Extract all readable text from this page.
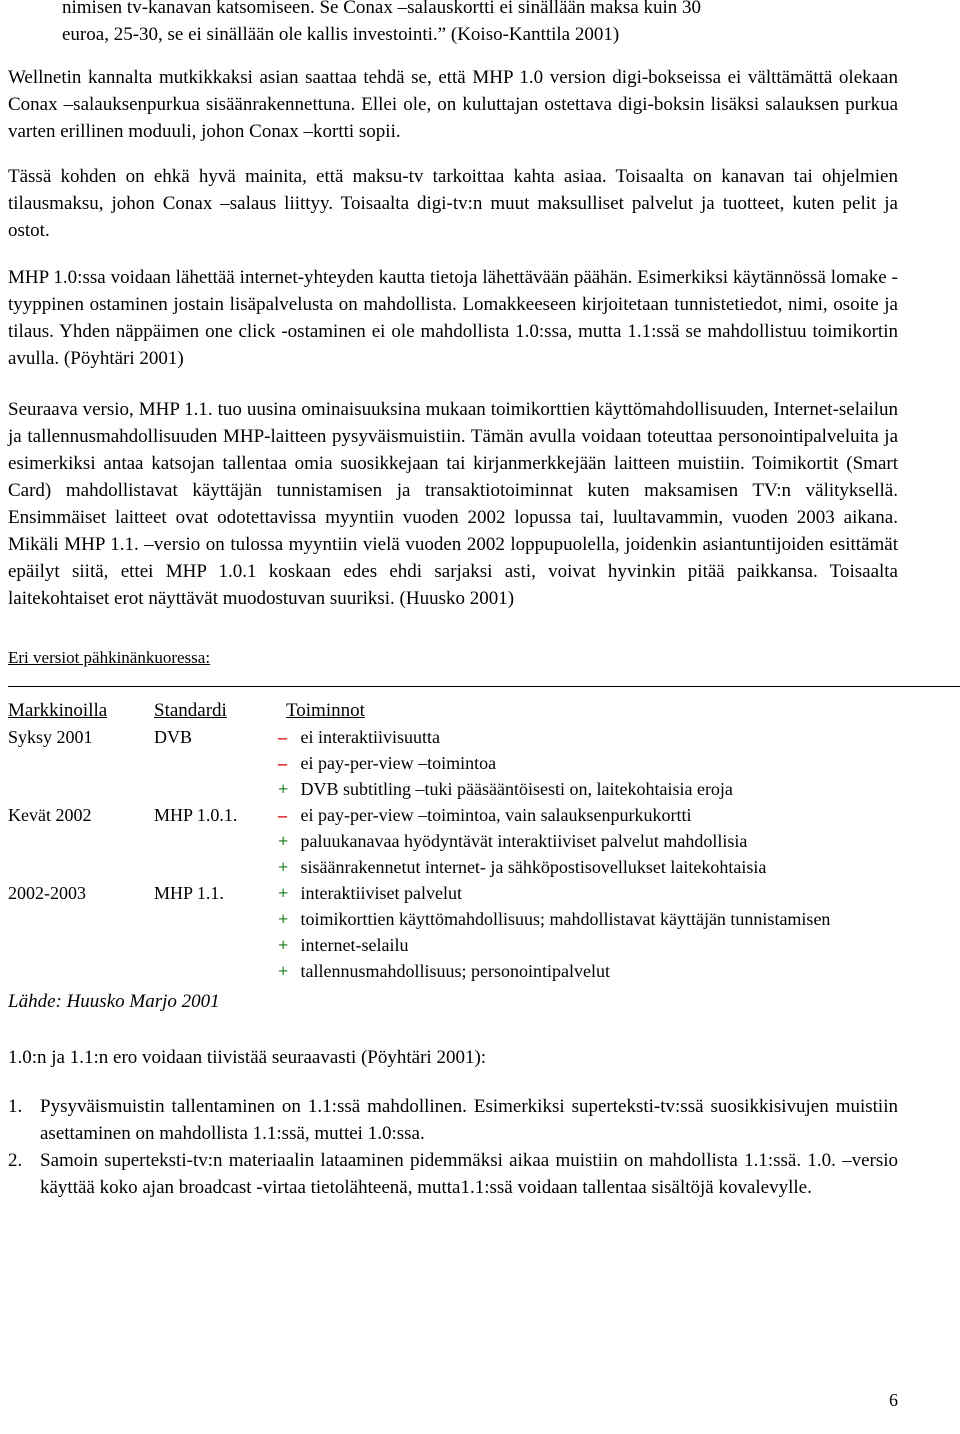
nimisen tv-kanavan katsomiseen. Se Conax –salauskortti ei sinällään maksa kuin 30

euroa, 25-30, se ei sinällään ole kallis investointi.” (Koiso-Kanttila 2001)

Wellnetin kannalta mutkikkaksi asian saattaa tehdä se, että MHP 1.0 version digi-bokseissa ei välttämättä olekaan Conax –salauksenpurkua sisäänrakennettuna. Ellei ole, on kuluttajan ostettava digi-boksin lisäksi salauksen purkua varten erillinen moduuli, johon Conax –kortti sopii.

Tässä kohden on ehkä hyvä mainita, että maksu-tv tarkoittaa kahta asiaa. Toisaalta on kanavan tai ohjelmien tilausmaksu, johon Conax –salaus liittyy. Toisaalta digi-tv:n muut maksulliset palvelut ja tuotteet, kuten pelit ja ostot.

MHP 1.0:ssa voidaan lähettää internet-yhteyden kautta tietoja lähettävään päähän. Esimerkiksi käytännössä lomake -tyyppinen ostaminen jostain lisäpalvelusta on mahdollista. Lomakkeeseen kirjoitetaan tunnistetiedot, nimi, osoite ja tilaus. Yhden näppäimen one click -ostaminen ei ole mahdollista 1.0:ssa, mutta 1.1:ssä se mahdollistuu toimikortin avulla. (Pöyhtäri 2001)

Seuraava versio, MHP 1.1. tuo uusina ominaisuuksina mukaan toimikorttien käyttömahdollisuuden, Internet-selailun ja tallennusmahdollisuuden MHP-laitteen pysyväismuistiin. Tämän avulla voidaan toteuttaa personointipalveluita ja esimerkiksi antaa katsojan tallentaa omia suosikkejaan tai kirjanmerkkejään laitteen muistiin. Toimikortit (Smart Card) mahdollistavat käyttäjän tunnistamisen ja transaktiotoiminnat kuten maksamisen TV:n välityksellä. Ensimmäiset laitteet ovat odotettavissa myyntiin vuoden 2002 lopussa tai, luultavammin, vuoden 2003 aikana. Mikäli MHP 1.1. –versio on tulossa myyntiin vielä vuoden 2002 loppupuolella, joidenkin asiantuntijoiden esittämät epäilyt siitä, ettei MHP 1.0.1 koskaan edes ehdi sarjaksi asti, voivat hyvinkin pitää paikkansa. Toisaalta laitekohtaiset erot näyttävät muodostuvan suuriksi. (Huusko 2001)

Eri versiot pähkinänkuoressa:
Markkinoilla	Standardi	Toiminnot
Syksy 2001	DVB	– ei interaktiivisuutta
– ei pay-per-view –toimintoa
+ DVB subtitling –tuki pääsääntöisesti on, laitekohtaisia eroja

Kevät 2002	MHP 1.0.1.	– ei pay-per-view –toimintoa, vain salauksenpurkukortti
+ paluukanavaa hyödyntävät interaktiiviset palvelut mahdollisia
+ sisäänrakennetut internet- ja sähköpostisovellukset laitekohtaisia

2002-2003	MHP 1.1.	+ interaktiiviset palvelut
+ toimikorttien käyttömahdollisuus; mahdollistavat käyttäjän tunnistamisen
+ internet-selailu
+ tallennusmahdollisuus; personointipalvelut
Lähde: Huusko Marjo 2001

1.0:n ja 1.1:n ero voidaan tiivistää seuraavasti (Pöyhtäri 2001):

1. Pysyväismuistin tallentaminen on 1.1:ssä mahdollinen. Esimerkiksi superteksti-tv:ssä suosikkisivujen muistiin asettaminen on mahdollista 1.1:ssä, muttei 1.0:ssa.
2. Samoin superteksti-tv:n materiaalin lataaminen pidemmäksi aikaa muistiin on mahdollista 1.1:ssä. 1.0. –versio käyttää koko ajan broadcast -virtaa tietolähteenä, mutta1.1:ssä voidaan tallentaa sisältöjä kovalevylle.
6
